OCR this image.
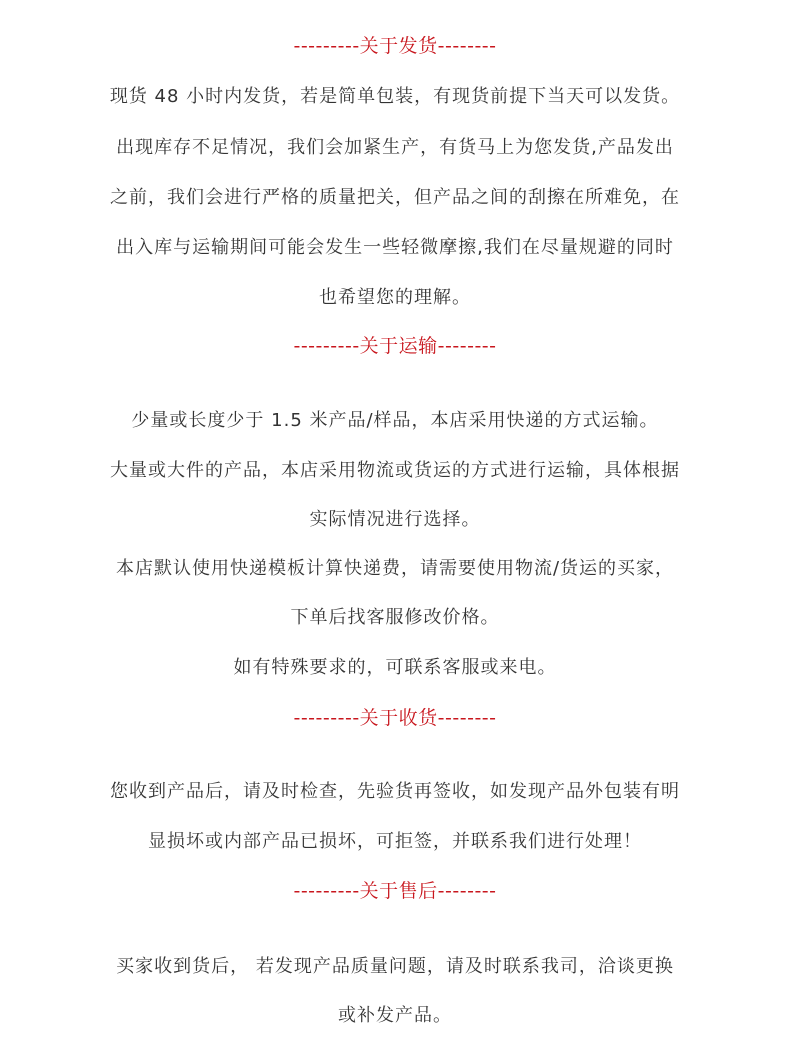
---------关于发货--------
现货 48 小时内发货，若是简单包装，有现货前提下当天可以发货。
出现库存不足情况，我们会加紧生产，有货马上为您发货,产品发出
之前，我们会进行严格的质量把关，但产品之间的刮擦在所难免，在
出入库与运输期间可能会发生一些轻微摩擦,我们在尽量规避的同时
也希望您的理解。
---------关于运输--------
少量或长度少于 1.5 米产品/样品，本店采用快递的方式运输。
大量或大件的产品，本店采用物流或货运的方式进行运输，具体根据
实际情况进行选择。
本店默认使用快递模板计算快递费，请需要使用物流/货运的买家，
下单后找客服修改价格。
如有特殊要求的，可联系客服或来电。
---------关于收货--------
您收到产品后，请及时检查，先验货再签收，如发现产品外包装有明
显损坏或内部产品已损坏，可拒签，并联系我们进行处理！
---------关于售后--------
买家收到货后， 若发现产品质量问题，请及时联系我司，洽谈更换
或补发产品。
